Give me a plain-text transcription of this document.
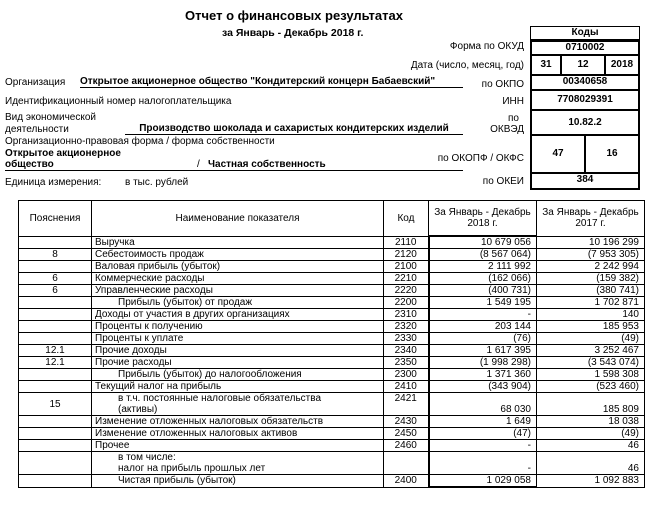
Отчет о финансовых результатах
за Январь - Декабрь 2018 г.	Коды
Форма по ОКУД	0710002
Дата (число, месяц, год)	31	12	2018
по ОКПО	00340658
ИНН	7708029391
по
ОКВЭД
10.82.2
по ОКОПФ / ОКФС	47	16
по ОКЕИ	384
Организация Открытое акционерное общество "Кондитерский концерн Бабаевский"
Идентификационный номер налогоплательщика
Вид экономической
деятельности	Производство шоколада и сахаристых кондитерских изделий
Организационно-правовая форма / форма собственности
Открытое акционерное
общество	/ Частная собственность
Единица измерения: в тыс. рублей
Пояснения	Наименование показателя	Код	За Январь - Декабрь 2018 г.	За Январь - Декабрь 2017 г.
	Выручка	2110	10 679 056	10 196 299
8	Себестоимость продаж	2120	(8 567 064)	(7 953 305)
	Валовая прибыль (убыток)	2100	2 111 992	2 242 994
6	Коммерческие расходы	2210	(162 066)	(159 382)
6	Управленческие расходы	2220	(400 731)	(380 741)
	Прибыль (убыток) от продаж	2200	1 549 195	1 702 871
	Доходы от участия в других организациях	2310	-	140
	Проценты к получению	2320	203 144	185 953
	Проценты к уплате	2330	(76)	(49)
12.1	Прочие доходы	2340	1 617 395	3 252 467
12.1	Прочие расходы	2350	(1 998 298)	(3 543 074)
	Прибыль (убыток) до налогообложения	2300	1 371 360	1 598 308
	Текущий налог на прибыль	2410	(343 904)	(523 460)
15	в т.ч. постоянные налоговые обязательства
(активы)	2421	68 030	185 809
	Изменение отложенных налоговых обязательств	2430	1 649	18 038
	Изменение отложенных налоговых активов	2450	(47)	(49)
	Прочее	2460	-	46

	в том числе:
налог на прибыль прошлых лет		-	46
	Чистая прибыль (убыток)	2400	1 029 058	1 092 883
